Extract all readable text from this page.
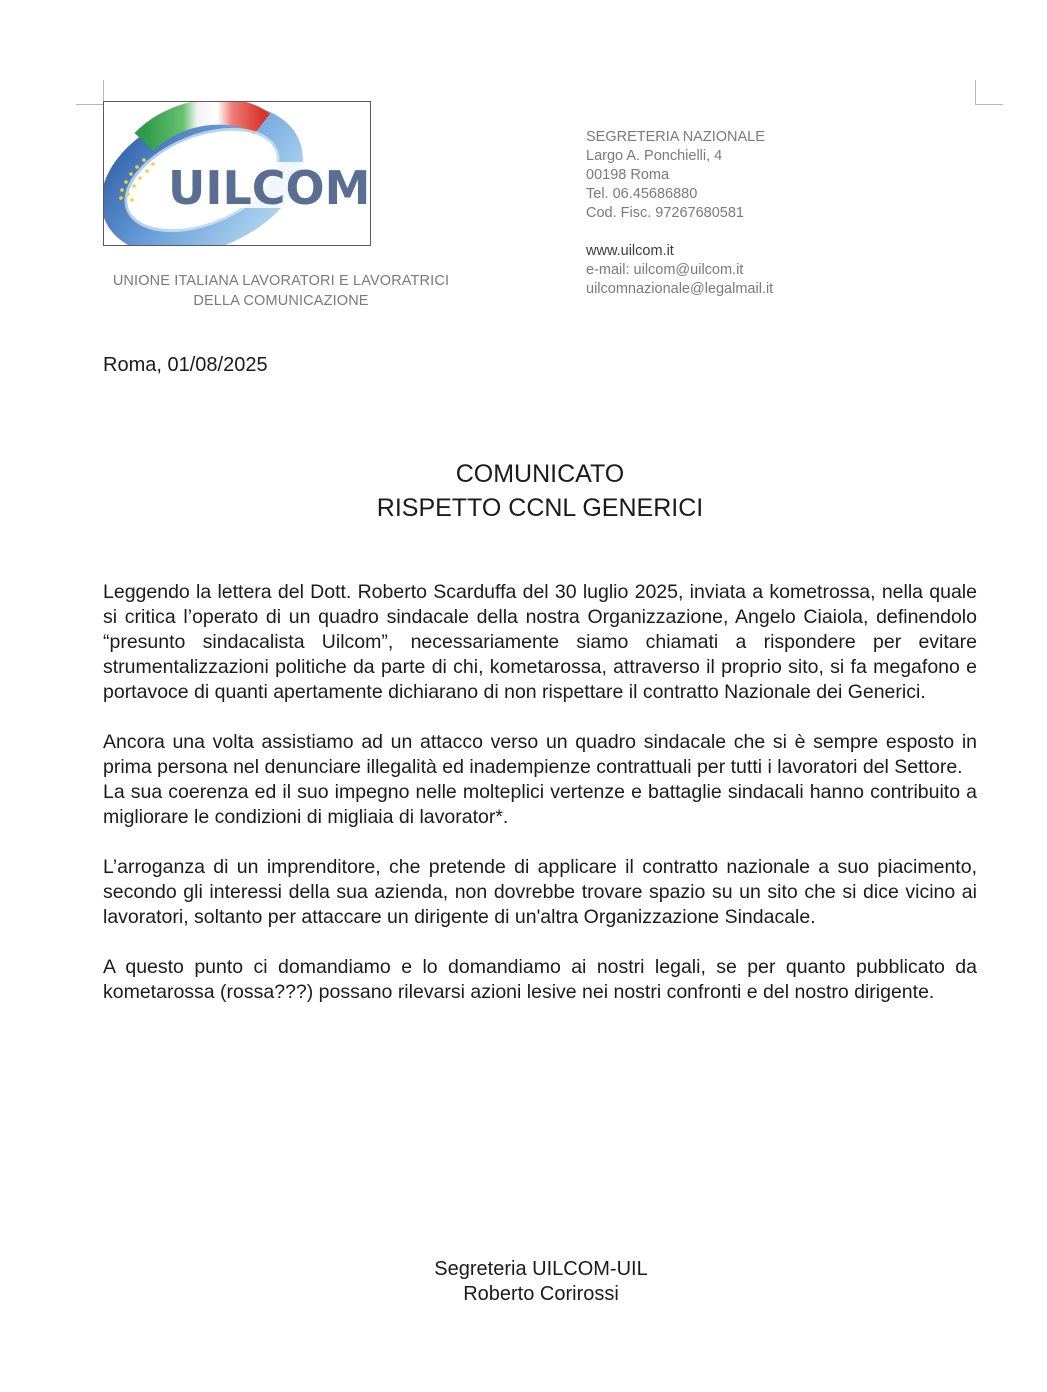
UILCOM
UNIONE ITALIANA LAVORATORI E LAVORATRICI
DELLA COMUNICAZIONE
SEGRETERIA NAZIONALE
Largo A. Ponchielli, 4
00198 Roma
Tel. 06.45686880
Cod. Fisc. 97267680581
www.uilcom.it
e-mail: uilcom@uilcom.it
uilcomnazionale@legalmail.it
Roma, 01/08/2025
COMUNICATO
RISPETTO CCNL GENERICI

Leggendo la lettera del Dott. Roberto Scarduffa del 30 luglio 2025, inviata a kometrossa, nella quale si critica l’operato di un quadro sindacale della nostra Organizzazione, Angelo Ciaiola, definendolo “presunto sindacalista Uilcom”, necessariamente siamo chiamati a rispondere per evitare strumentalizzazioni politiche da parte di chi, kometarossa, attraverso il proprio sito, si fa megafono e portavoce di quanti apertamente dichiarano di non rispettare il contratto Nazionale dei Generici.

Ancora una volta assistiamo ad un attacco verso un quadro sindacale che si è sempre esposto in prima persona nel denunciare illegalità ed inadempienze contrattuali per tutti i lavoratori del Settore.

La sua coerenza ed il suo impegno nelle molteplici vertenze e battaglie sindacali hanno contribuito a migliorare le condizioni di migliaia di lavorator*.

L’arroganza di un imprenditore, che pretende di applicare il contratto nazionale a suo piacimento, secondo gli interessi della sua azienda, non dovrebbe trovare spazio su un sito che si dice vicino ai lavoratori, soltanto per attaccare un dirigente di un'altra Organizzazione Sindacale.

A questo punto ci domandiamo e lo domandiamo ai nostri legali, se per quanto pubblicato da kometarossa (rossa???) possano rilevarsi azioni lesive nei nostri confronti e del nostro dirigente.

Segreteria UILCOM-UIL
Roberto Corirossi
